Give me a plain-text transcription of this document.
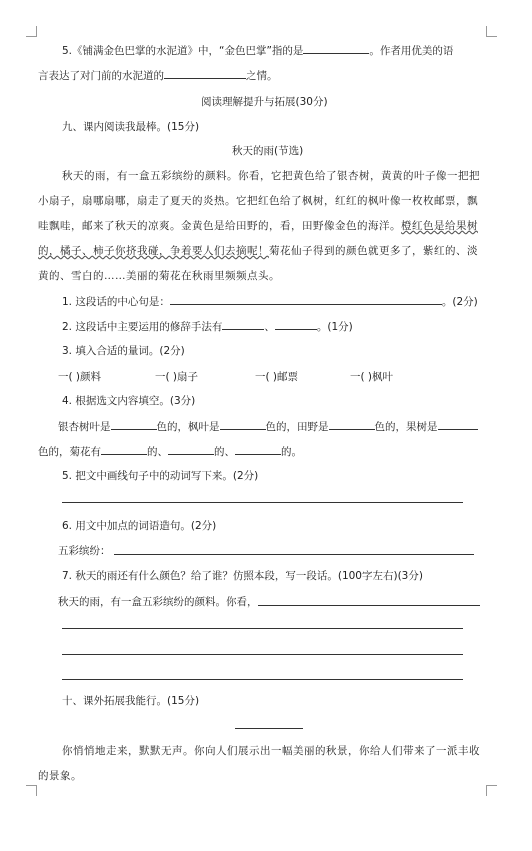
5.《铺满金色巴掌的水泥道》中，“金色巴掌”指的是	。作者用优美的语
言表达了对门前的水泥道的	之情。
阅读理解提升与拓展(30分)
九、课内阅读我最棒。(15分)
秋天的雨(节选)
秋天的雨，有一盒五彩缤纷的颜料。你看，它把黄色给了银杏树，黄黄的叶子像一把把
小扇子，扇哪扇哪，扇走了夏天的炎热。它把红色给了枫树，红红的枫叶像一枚枚邮票，飘
哇飘哇，邮来了秋天的凉爽。金黄色是给田野的，看，田野像金色的海洋。橙红色是给果树
的，橘子、柿子你挤我碰，争着要人们去摘呢！菊花仙子得到的颜色就更多了，紫红的、淡
黄的、雪白的……美丽的菊花在秋雨里频频点头。
1. 这段话的中心句是：	。(2分)
2. 这段话中主要运用的修辞手法有	、	。(1分)
3. 填入合适的量词。(2分)
一( )颜料	一( )扇子	一( )邮票	一( )枫叶
4. 根据选文内容填空。(3分)
银杏树叶是	色的，枫叶是	色的，田野是	色的，果树是
色的，菊花有	的、	的、	的。
5. 把文中画线句子中的动词写下来。(2分)
6. 用文中加点的词语造句。(2分)
五彩缤纷：
7. 秋天的雨还有什么颜色？给了谁？仿照本段，写一段话。(100字左右)(3分)
秋天的雨，有一盒五彩缤纷的颜料。你看，
十、课外拓展我能行。(15分)
你悄悄地走来，默默无声。你向人们展示出一幅美丽的秋景，你给人们带来了一派丰收
的景象。
